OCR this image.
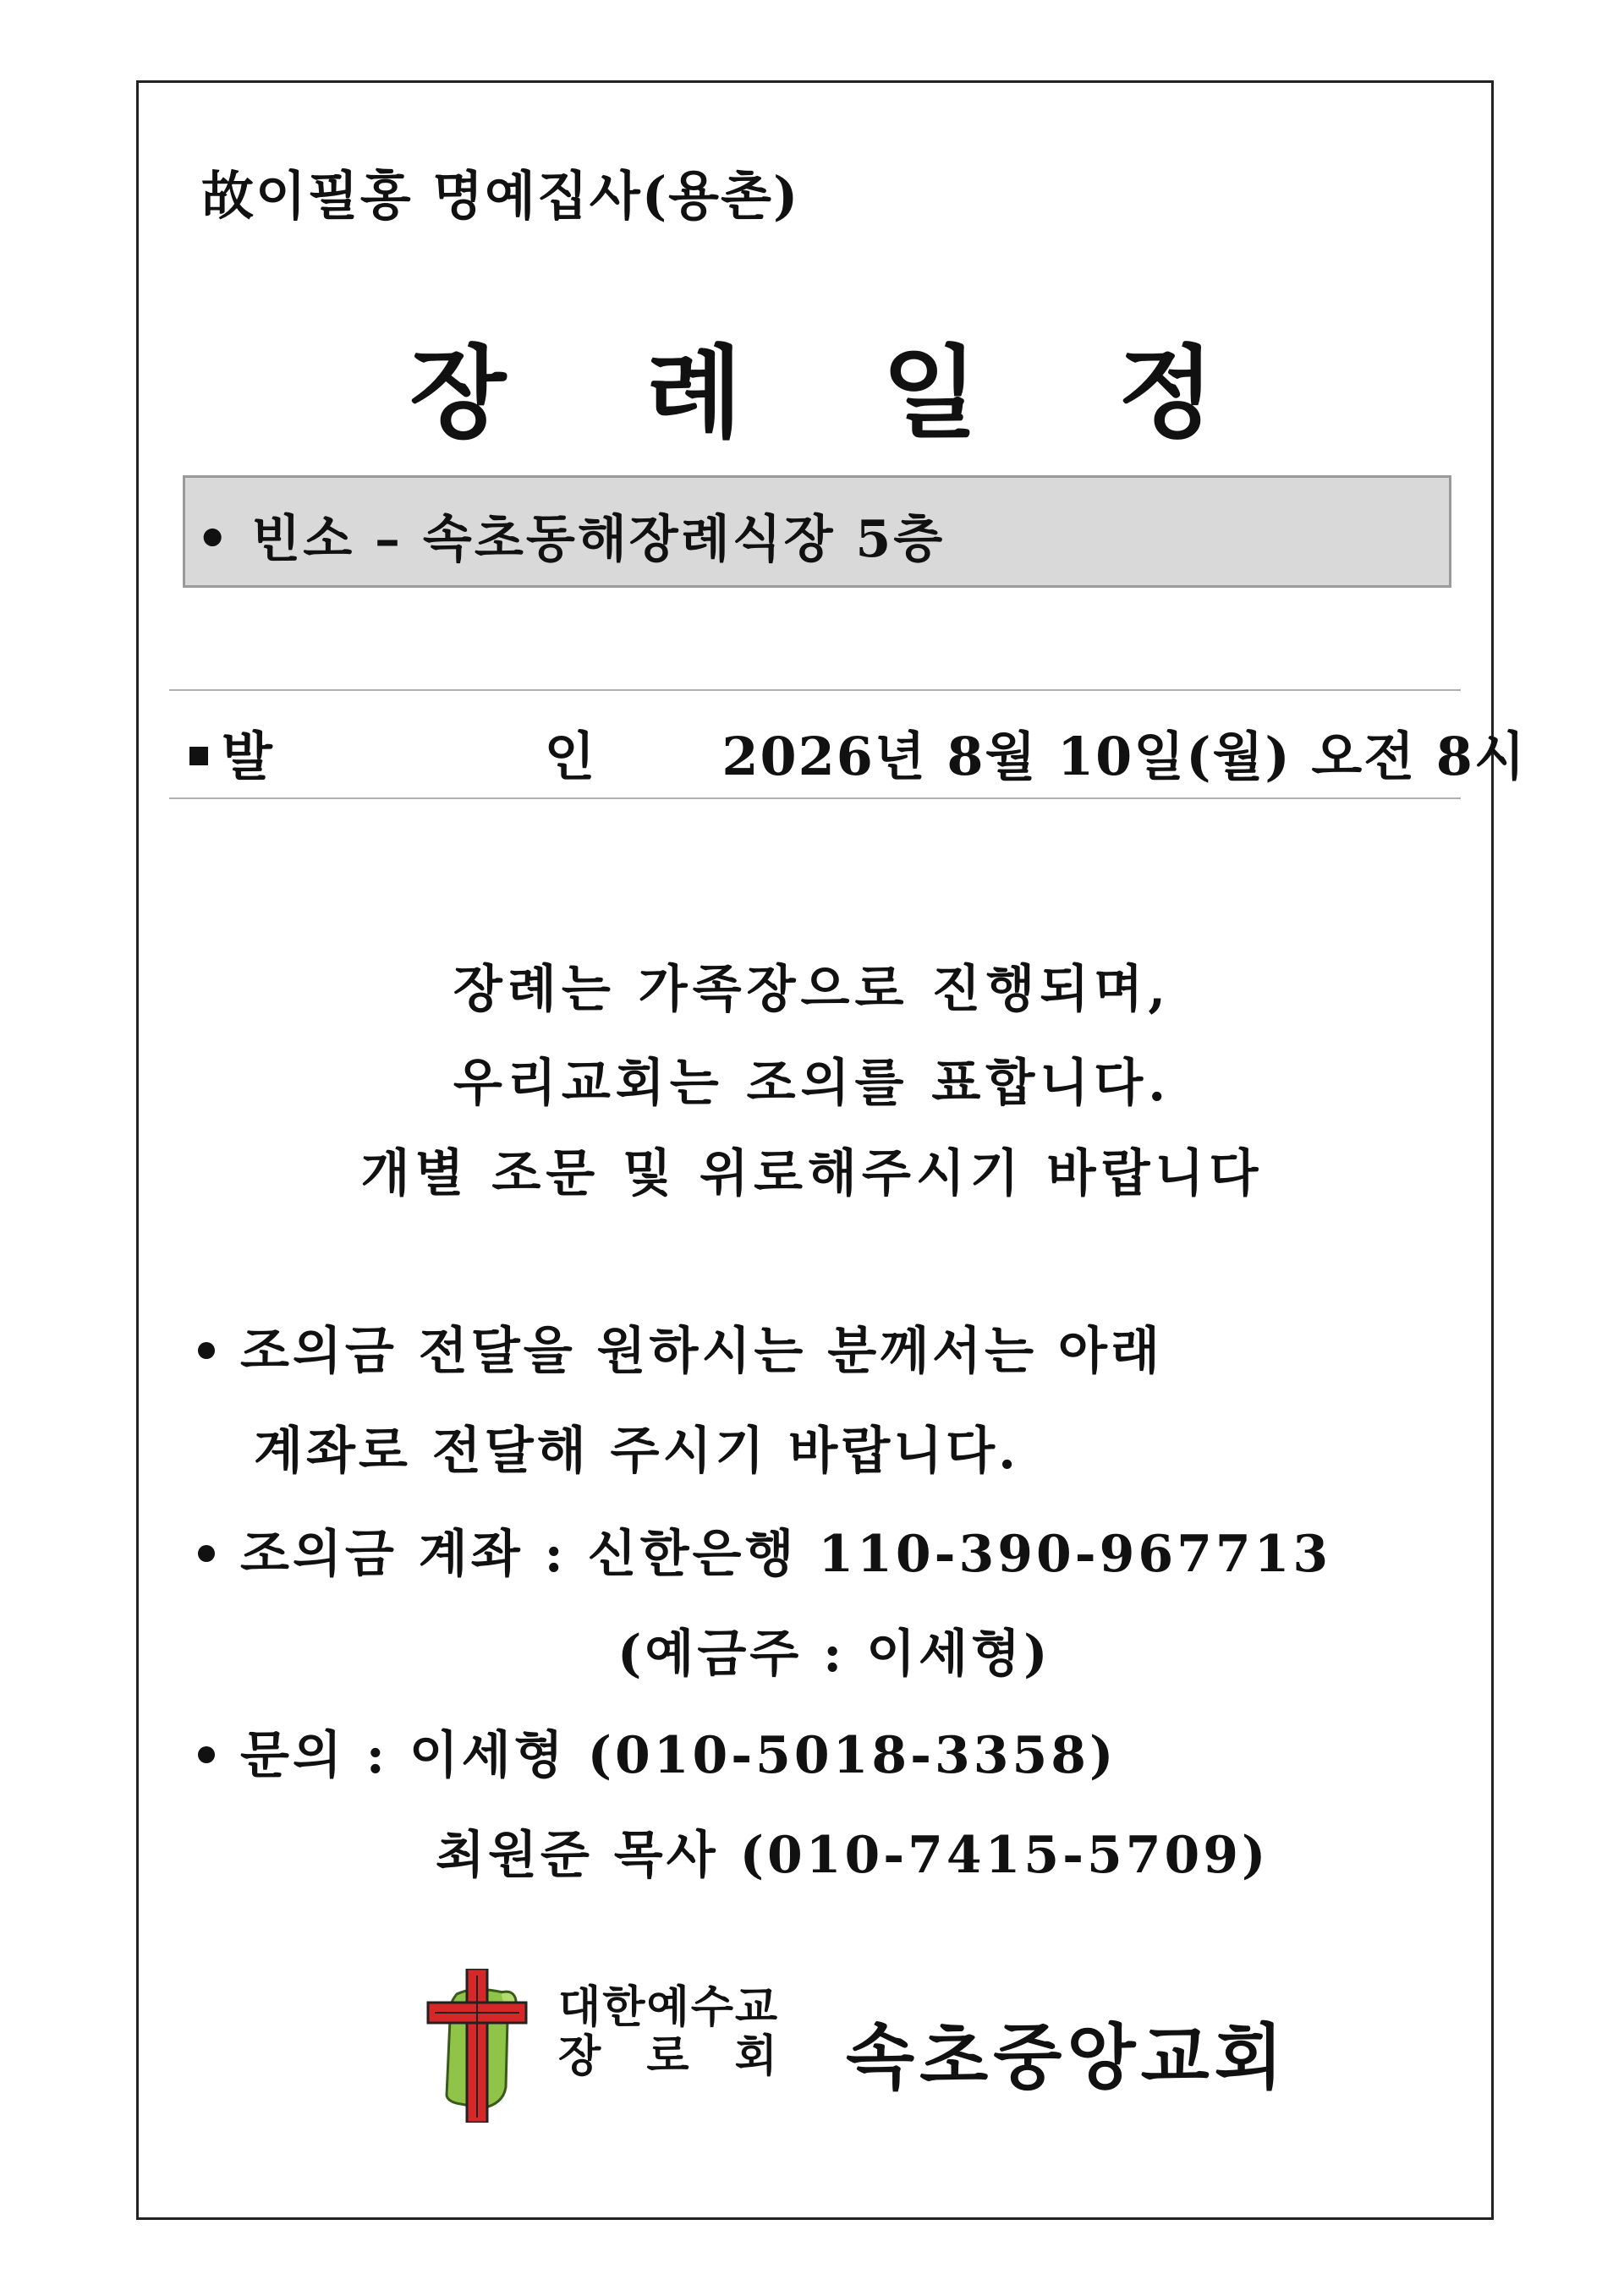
故이필홍 명예집사(용촌)
장 례 일 정
• 빈소 – 속초동해장례식장 5층
발 인2026년 8월 10일(월) 오전 8시
장례는 가족장으로 진행되며,
우리교회는 조의를 표합니다.
개별 조문 및 위로해주시기 바랍니다
조의금 전달을 원하시는 분께서는 아래
계좌로 전달해 주시기 바랍니다.
조의금 계좌 : 신한은행 110-390-967713
(예금주 : 이세형)
문의 : 이세형 (010-5018-3358)
최원준 목사 (010-7415-5709)
대한예수교
장 로 회 속초중앙교회
